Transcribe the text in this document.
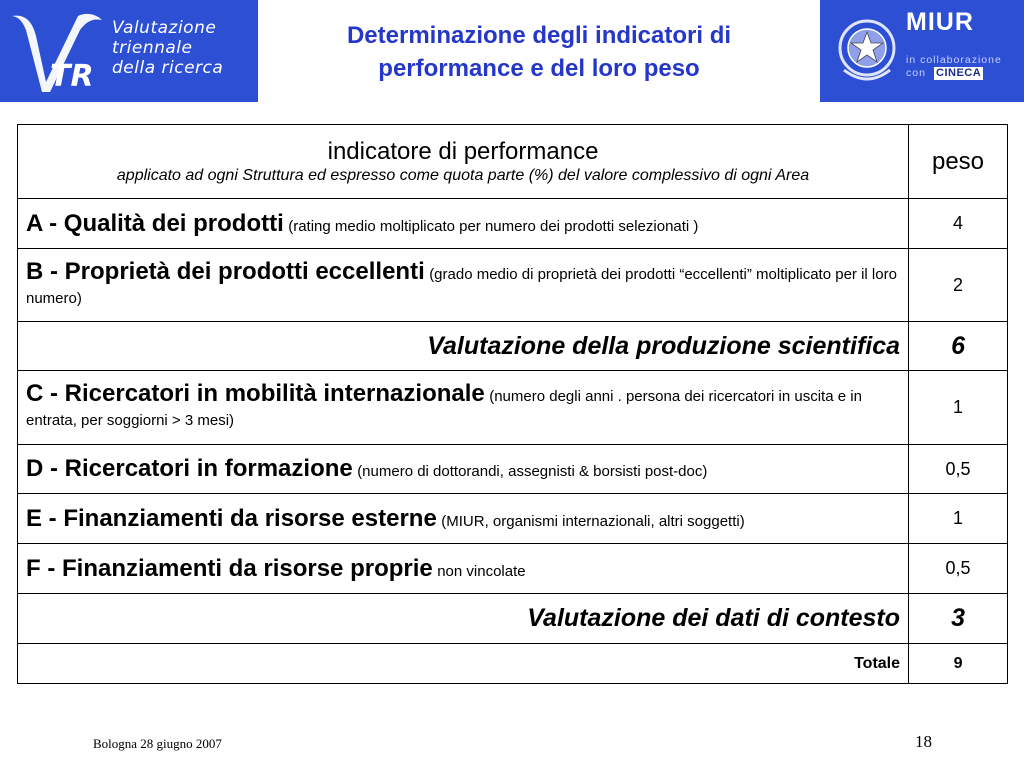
TR
Valutazione
triennale
della ricerca
Determinazione degli indicatori di
performance e del loro peso
MIUR
in collaborazione
con CINECA
indicatore di performance
applicato ad ogni Struttura ed espresso come quota parte (%) del valore complessivo di ogni Area	peso
A - Qualità dei prodotti (rating medio moltiplicato per numero dei prodotti selezionati )	4
B - Proprietà dei prodotti eccellenti (grado medio di proprietà dei prodotti “eccellenti” moltiplicato per il loro numero)	2
Valutazione della produzione scientifica	6
C - Ricercatori in mobilità internazionale (numero degli anni . persona dei ricercatori in uscita e in entrata, per soggiorni > 3 mesi)	1
D - Ricercatori in formazione (numero di dottorandi, assegnisti & borsisti post-doc)	0,5
E - Finanziamenti da risorse esterne (MIUR, organismi internazionali, altri soggetti)	1
F - Finanziamenti da risorse proprie non vincolate	0,5
Valutazione dei dati di contesto	3
Totale	9
Bologna 28 giugno 2007	18
